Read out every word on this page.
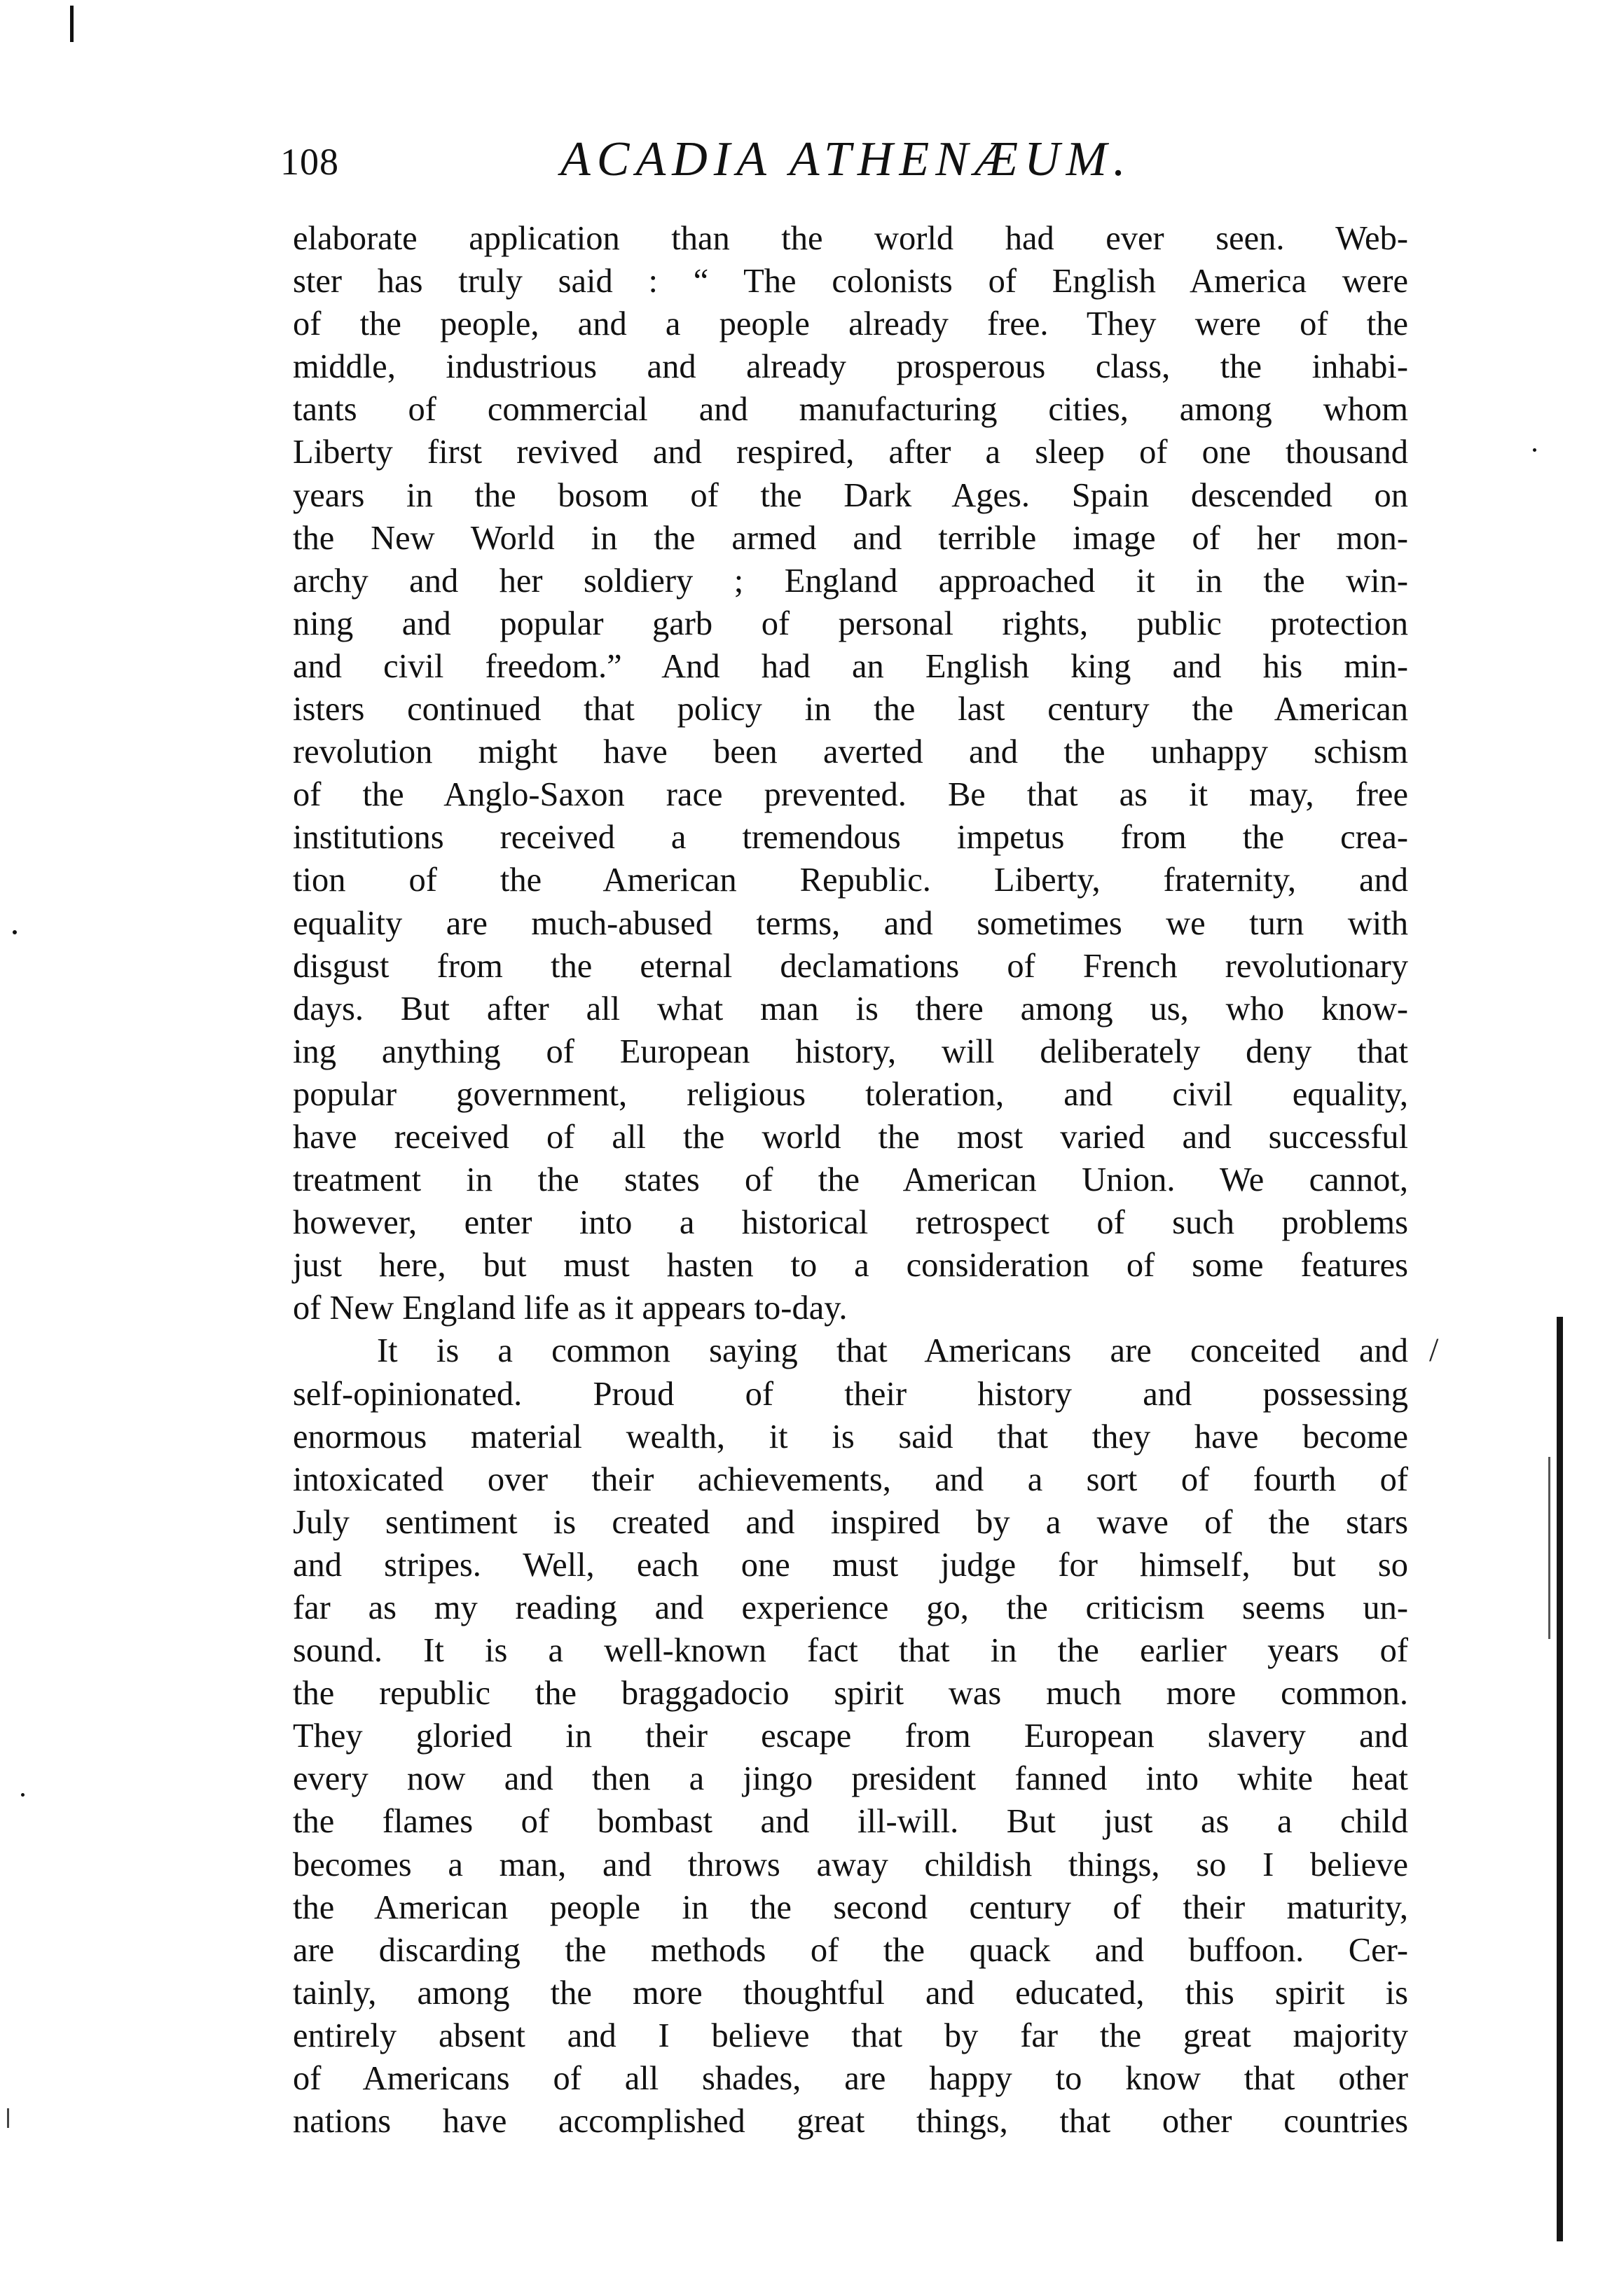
108	ACADIA ATHENÆUM.
elaborate application than the world had ever seen. Web-
ster has truly said : “ The colonists of English America were
of the people, and a people already free. They were of the
middle, industrious and already prosperous class, the inhabi-
tants of commercial and manufacturing cities, among whom
Liberty first revived and respired, after a sleep of one thousand
years in the bosom of the Dark Ages. Spain descended on
the New World in the armed and terrible image of her mon-
archy and her soldiery ; England approached it in the win-
ning and popular garb of personal rights, public protection
and civil freedom.” And had an English king and his min-
isters continued that policy in the last century the American
revolution might have been averted and the unhappy schism
of the Anglo-Saxon race prevented. Be that as it may, free
institutions received a tremendous impetus from the crea-
tion of the American Republic. Liberty, fraternity, and
equality are much-abused terms, and sometimes we turn with
disgust from the eternal declamations of French revolutionary
days. But after all what man is there among us, who know-
ing anything of European history, will deliberately deny that
popular government, religious toleration, and civil equality,
have received of all the world the most varied and successful
treatment in the states of the American Union. We cannot,
however, enter into a historical retrospect of such problems
just here, but must hasten to a consideration of some features
of New England life as it appears to-day.
It is a common saying that Americans are conceited and
self-opinionated. Proud of their history and possessing
enormous material wealth, it is said that they have become
intoxicated over their achievements, and a sort of fourth of
July sentiment is created and inspired by a wave of the stars
and stripes. Well, each one must judge for himself, but so
far as my reading and experience go, the criticism seems un-
sound. It is a well-known fact that in the earlier years of
the republic the braggadocio spirit was much more common.
They gloried in their escape from European slavery and
every now and then a jingo president fanned into white heat
the flames of bombast and ill-will. But just as a child
becomes a man, and throws away childish things, so I believe
the American people in the second century of their maturity,
are discarding the methods of the quack and buffoon. Cer-
tainly, among the more thoughtful and educated, this spirit is
entirely absent and I believe that by far the great majority
of Americans of all shades, are happy to know that other
nations have accomplished great things, that other countries
/
